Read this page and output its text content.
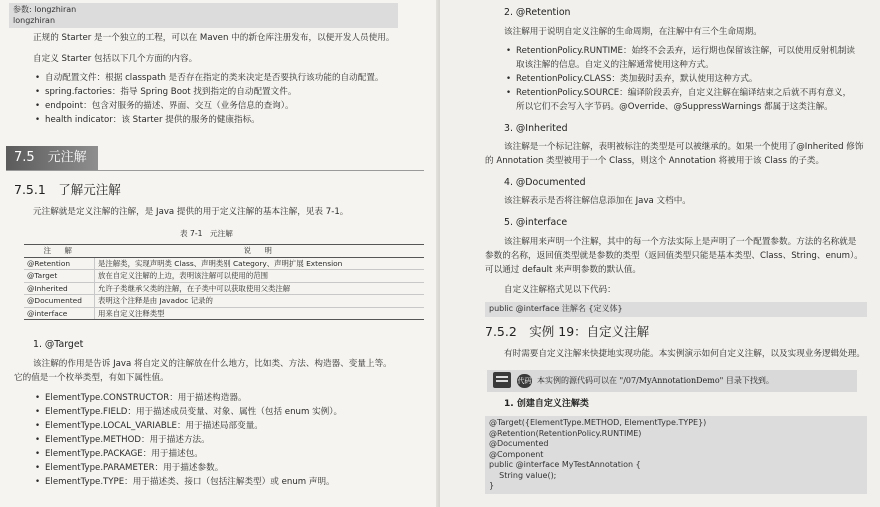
参数: longzhiran
longzhiran
正规的 Starter 是一个独立的工程，可以在 Maven 中的新仓库注册发布，以便开发人员使用。
自定义 Starter 包括以下几个方面的内容。
• 自动配置文件：根据 classpath 是否存在指定的类来决定是否要执行该功能的自动配置。
• spring.factories：指导 Spring Boot 找到指定的自动配置文件。
• endpoint：包含对服务的描述、界面、交互（业务信息的查询）。
• health indicator：该 Starter 提供的服务的健康指标。
7.5　元注解
7.5.1　了解元注解
元注解就是定义注解的注解，是 Java 提供的用于定义注解的基本注解，见表 7-1。
表 7-1　元注解
注　解	说　明
@Retention	是注解类，实现声明类 Class、声明类别 Category、声明扩展 Extension
@Target	放在自定义注解的上边，表明该注解可以使用的范围
@Inherited	允许子类继承父类的注解，在子类中可以获取使用父类注解
@Documented	表明这个注释是由 Javadoc 记录的
@interface	用来自定义注释类型
1. @Target
该注解的作用是告诉 Java 将自定义的注解放在什么地方，比如类、方法、构造器、变量上等。
它的值是一个枚举类型，有如下属性值。
• ElementType.CONSTRUCTOR：用于描述构造器。
• ElementType.FIELD：用于描述成员变量、对象、属性（包括 enum 实例）。
• ElementType.LOCAL_VARIABLE：用于描述局部变量。
• ElementType.METHOD：用于描述方法。
• ElementType.PACKAGE：用于描述包。
• ElementType.PARAMETER：用于描述参数。
• ElementType.TYPE：用于描述类、接口（包括注解类型）或 enum 声明。
2. @Retention
该注解用于说明自定义注解的生命周期，在注解中有三个生命周期。
• RetentionPolicy.RUNTIME：始终不会丢弃，运行期也保留该注解，可以使用反射机制读
取该注解的信息。自定义的注解通常使用这种方式。
• RetentionPolicy.CLASS：类加载时丢弃，默认使用这种方式。
• RetentionPolicy.SOURCE：编译阶段丢弃，自定义注解在编译结束之后就不再有意义，
所以它们不会写入字节码。@Override、@SuppressWarnings 都属于这类注解。
3. @Inherited
该注解是一个标记注解，表明被标注的类型是可以被继承的。如果一个使用了@Inherited 修饰
的 Annotation 类型被用于一个 Class，则这个 Annotation 将被用于该 Class 的子类。
4. @Documented
该注解表示是否将注解信息添加在 Java 文档中。
5. @interface
该注解用来声明一个注解，其中的每一个方法实际上是声明了一个配置参数。方法的名称就是
参数的名称，返回值类型就是参数的类型（返回值类型只能是基本类型、Class、String、enum）。
可以通过 default 来声明参数的默认值。
自定义注解格式见以下代码：
public @interface 注解名 {定义体}
7.5.2　实例 19：自定义注解
有时需要自定义注解来快捷地实现功能。本实例演示如何自定义注解，以及实现业务逻辑处理。
代码 本实例的源代码可以在 "/07/MyAnnotationDemo" 目录下找到。
1. 创建自定义注解类
@Target({ElementType.METHOD, ElementType.TYPE})
@Retention(RetentionPolicy.RUNTIME)
@Documented
@Component
public @interface MyTestAnnotation {
String value();
}
